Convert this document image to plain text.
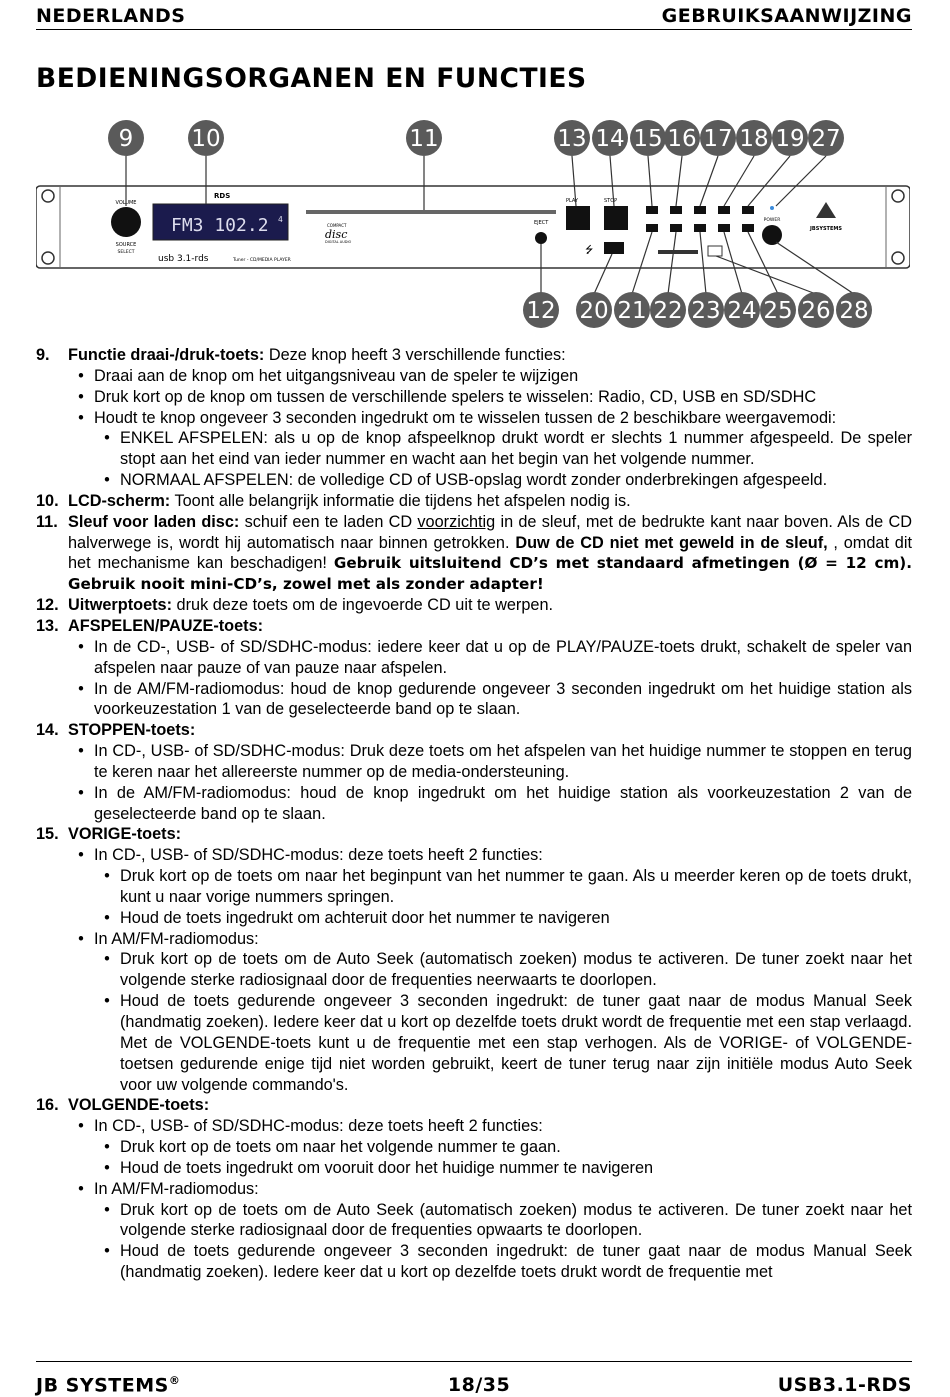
NEDERLANDS	GEBRUIKSAANWIJZING
BEDIENINGSORGANEN EN FUNCTIES
VOLUME
SOURCE
SELECT
RDS
FM3 102.2 4
usb 3.1-rds	Tuner - CD/MEDIA PLAYER
COMPACT
disc
DIGITAL AUDIO
EJECT
PLAY	STOP
⭍
POWER
JBSYSTEMS
9	10	11	13 14 15 16 17 18 19 27
12 20 21 22 23 24 25 26 28
9.	Functie draai-/druk-toets: Deze knop heeft 3 verschillende functies:
•
Draai aan de knop om het uitgangsniveau van de speler te wijzigen
•
Druk kort op de knop om tussen de verschillende spelers te wisselen: Radio, CD, USB en SD/SDHC
•
Houdt te knop ongeveer 3 seconden ingedrukt om te wisselen tussen de 2 beschikbare weergavemodi:
•
ENKEL AFSPELEN: als u op de knop afspeelknop drukt wordt er slechts 1 nummer afgespeeld. De speler stopt aan het eind van ieder nummer en wacht aan het begin van het volgende nummer.
•
NORMAAL AFSPELEN: de volledige CD of USB-opslag wordt zonder onderbrekingen afgespeeld.
10. LCD-scherm: Toont alle belangrijk informatie die tijdens het afspelen nodig is.
11. Sleuf voor laden disc: schuif een te laden CD voorzichtig in de sleuf, met de bedrukte kant naar boven. Als de CD halverwege is, wordt hij automatisch naar binnen getrokken. Duw de CD niet met geweld in de sleuf, , omdat dit het mechanisme kan beschadigen! Gebruik uitsluitend CD’s met standaard afmetingen (Ø = 12 cm). Gebruik nooit mini-CD’s, zowel met als zonder adapter!
12. Uitwerptoets: druk deze toets om de ingevoerde CD uit te werpen.
13. AFSPELEN/PAUZE-toets:
•
In de CD-, USB- of SD/SDHC-modus: iedere keer dat u op de PLAY/PAUZE-toets drukt, schakelt de speler van afspelen naar pauze of van pauze naar afspelen.
•
In de AM/FM-radiomodus: houd de knop gedurende ongeveer 3 seconden ingedrukt om het huidige station als voorkeuzestation 1 van de geselecteerde band op te slaan.
14. STOPPEN-toets:
•
In CD-, USB- of SD/SDHC-modus: Druk deze toets om het afspelen van het huidige nummer te stoppen en terug te keren naar het allereerste nummer op de media-ondersteuning.
•
In de AM/FM-radiomodus: houd de knop ingedrukt om het huidige station als voorkeuzestation 2 van de geselecteerde band op te slaan.
15. VORIGE-toets:
•
In CD-, USB- of SD/SDHC-modus: deze toets heeft 2 functies:
•
Druk kort op de toets om naar het beginpunt van het nummer te gaan. Als u meerder keren op de toets drukt, kunt u naar vorige nummers springen.
•
Houd de toets ingedrukt om achteruit door het nummer te navigeren
•
In AM/FM-radiomodus:
•
Druk kort op de toets om de Auto Seek (automatisch zoeken) modus te activeren. De tuner zoekt naar het volgende sterke radiosignaal door de frequenties neerwaarts te doorlopen.
•
Houd de toets gedurende ongeveer 3 seconden ingedrukt: de tuner gaat naar de modus Manual Seek (handmatig zoeken). Iedere keer dat u kort op dezelfde toets drukt wordt de frequentie met een stap verlaagd. Met de VOLGENDE-toets kunt u de frequentie met een stap verhogen. Als de VORIGE- of VOLGENDE-toetsen gedurende enige tijd niet worden gebruikt, keert de tuner terug naar zijn initiële modus Auto Seek voor uw volgende commando's.
16. VOLGENDE-toets:
•
In CD-, USB- of SD/SDHC-modus: deze toets heeft 2 functies:
•
Druk kort op de toets om naar het volgende nummer te gaan.
•
Houd de toets ingedrukt om vooruit door het huidige nummer te navigeren
•
In AM/FM-radiomodus:
•
Druk kort op de toets om de Auto Seek (automatisch zoeken) modus te activeren. De tuner zoekt naar het volgende sterke radiosignaal door de frequenties opwaarts te doorlopen.
•
Houd de toets gedurende ongeveer 3 seconden ingedrukt: de tuner gaat naar de modus Manual Seek (handmatig zoeken). Iedere keer dat u kort op dezelfde toets drukt wordt de frequentie met
JB SYSTEMS®	18/35	USB3.1-RDS
